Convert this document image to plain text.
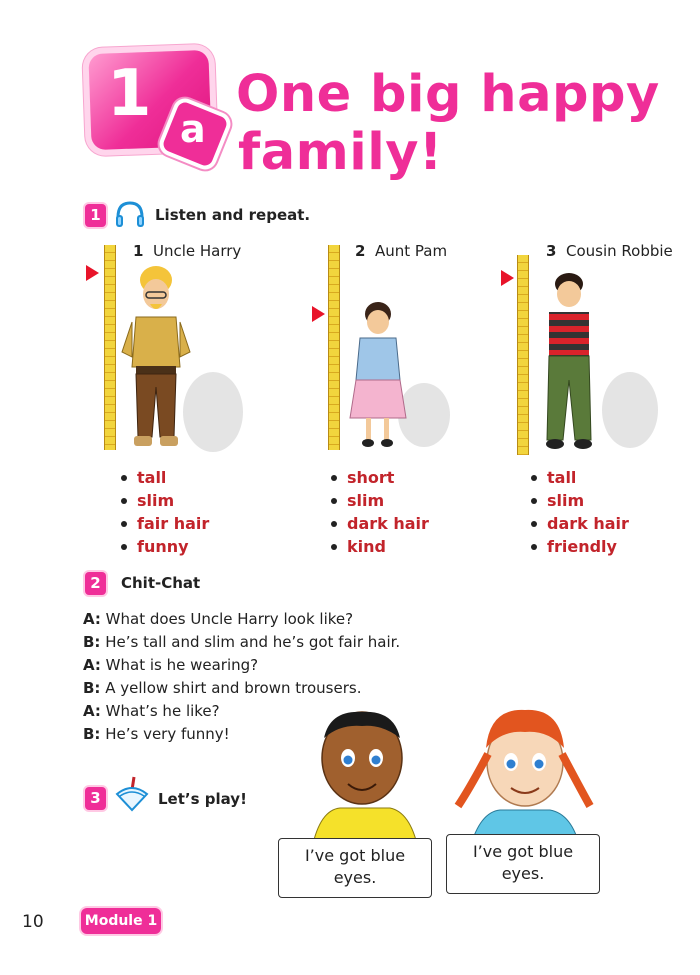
1 a
One big happy
family!
1	Listen and repeat.
1 Uncle Harry
tall
slim
fair hair
funny
2 Aunt Pam
short
slim
dark hair
kind
3 Cousin Robbie
tall
slim
dark hair
friendly
2	Chit-Chat
A: What does Uncle Harry look like?
B: He’s tall and slim and he’s got fair hair.
A: What is he wearing?
B: A yellow shirt and brown trousers.
A: What’s he like?
B: He’s very funny!
3	Let’s play!
I’ve got blue
eyes.
I’ve got blue
eyes.
10	Module 1
